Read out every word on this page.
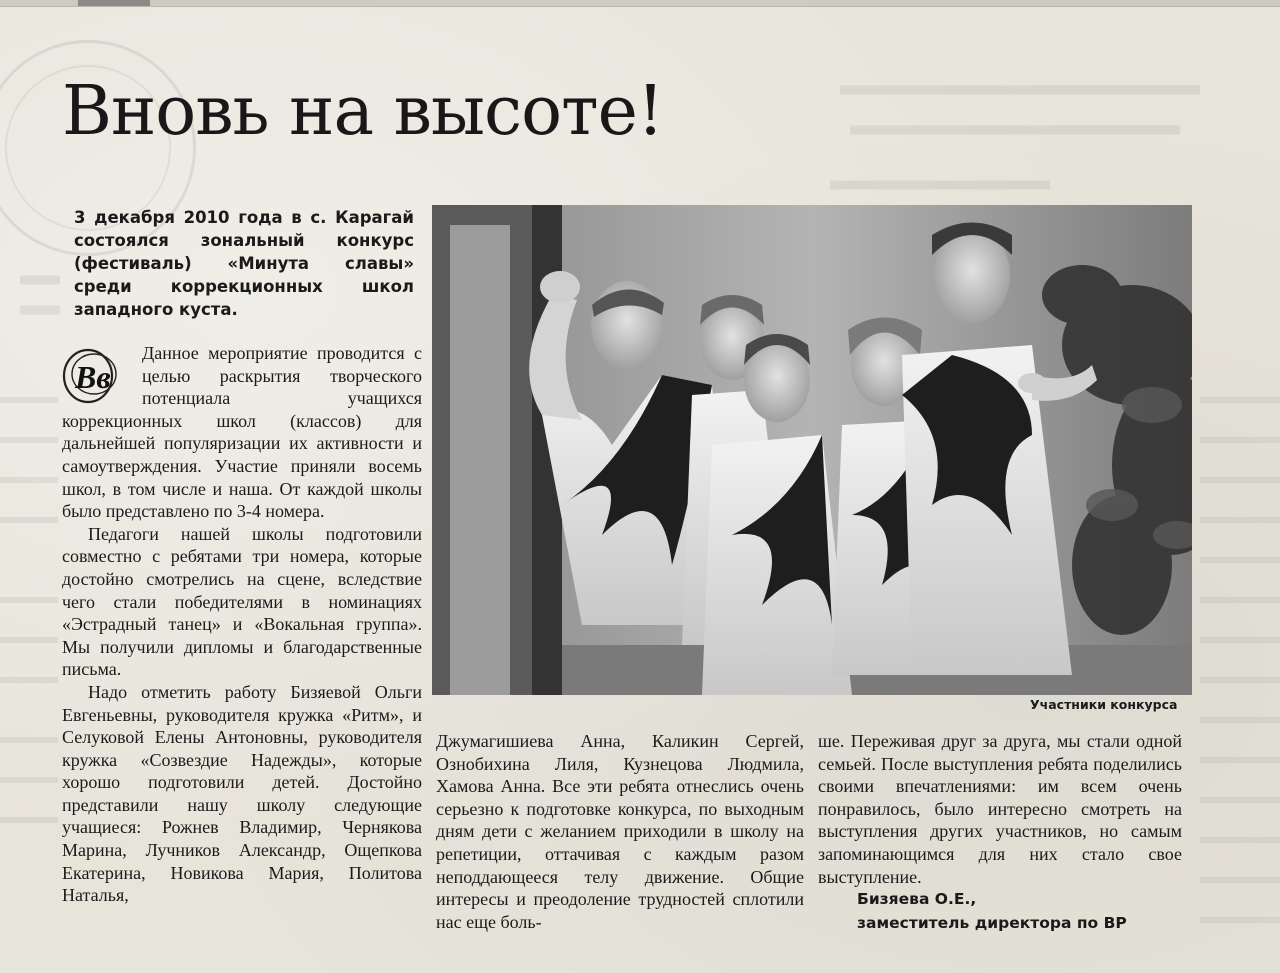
Вновь на высоте!

3 декабря 2010 года в с. Карагай состоялся зональный конкурс (фестиваль) «Минута славы» среди коррекционных школ западного куста.

Участники конкурса
Вв

Данное мероприятие проводится с целью раскрытия творческого потенциала учащихся коррекционных школ (классов) для дальнейшей популяризации их активности и самоутверждения. Участие приняли восемь школ, в том числе и наша. От каждой школы было представлено по 3-4 номера.

Педагоги нашей школы подготовили совместно с ребятами три номера, которые достойно смотрелись на сцене, вследствие чего стали победителями в номинациях «Эстрадный танец» и «Вокальная группа». Мы получили дипломы и благодарственные письма.

Надо отметить работу Бизяевой Ольги Евгеньевны, руководителя кружка «Ритм», и Селуковой Елены Антоновны, руководителя кружка «Созвездие Надежды», которые хорошо подготовили детей. Достойно представили нашу школу следующие учащиеся: Рожнев Владимир, Чернякова Марина, Лучников Александр, Ощепкова Екатерина, Новикова Мария, Политова Наталья,

Джумагишиева Анна, Каликин Сергей, Ознобихина Лиля, Кузнецова Людмила, Хамова Анна. Все эти ребята отнеслись очень серьезно к подготовке конкурса, по выходным дням дети с желанием приходили в школу на репетиции, оттачивая с каждым разом неподдающееся телу движение. Общие интересы и преодоление трудностей сплотили нас еще боль-

ше. Переживая друг за друга, мы стали одной семьей. После выступления ребята поделились своими впечатлениями: им всем очень понравилось, было интересно смотреть на выступления других участников, но самым запоминающимся для них стало свое выступление.

Бизяева О.Е.,
заместитель директора по ВР
